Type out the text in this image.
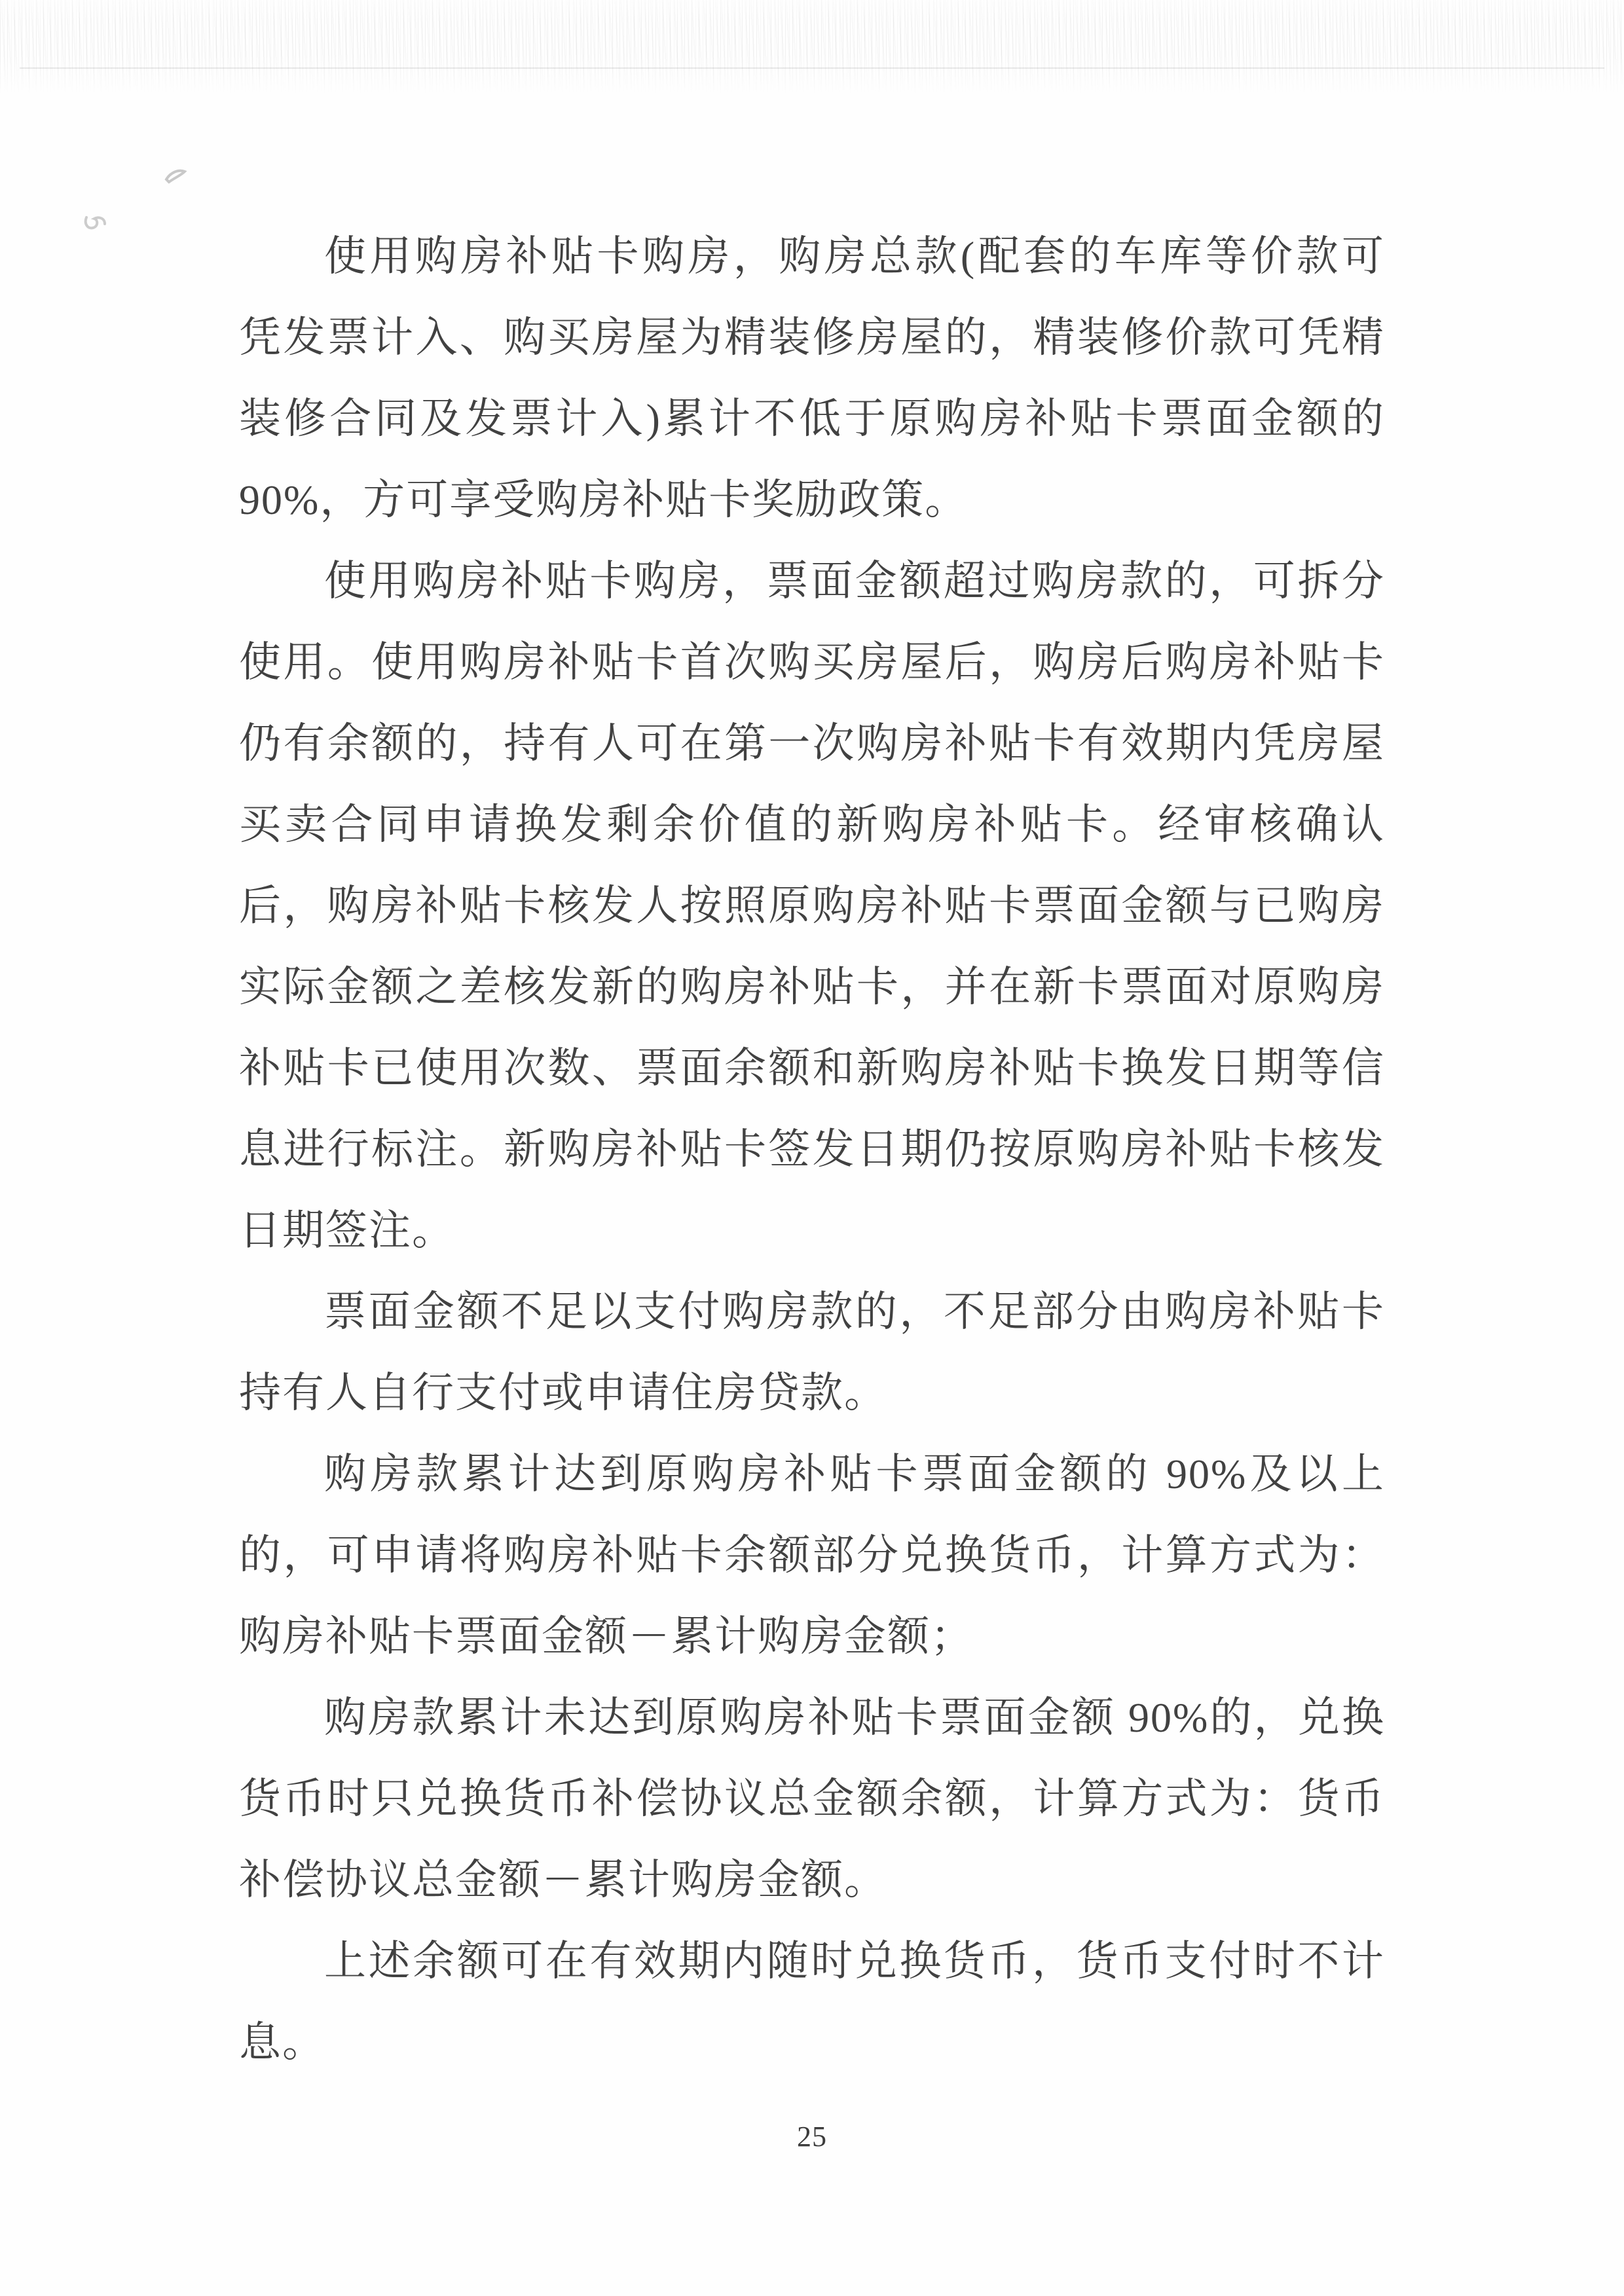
使用购房补贴卡购房，购房总款(配套的车库等价款可
凭发票计入、购买房屋为精装修房屋的，精装修价款可凭精
装修合同及发票计入)累计不低于原购房补贴卡票面金额的
90%，方可享受购房补贴卡奖励政策。
使用购房补贴卡购房，票面金额超过购房款的，可拆分
使用。使用购房补贴卡首次购买房屋后，购房后购房补贴卡
仍有余额的，持有人可在第一次购房补贴卡有效期内凭房屋
买卖合同申请换发剩余价值的新购房补贴卡。经审核确认
后，购房补贴卡核发人按照原购房补贴卡票面金额与已购房
实际金额之差核发新的购房补贴卡，并在新卡票面对原购房
补贴卡已使用次数、票面余额和新购房补贴卡换发日期等信
息进行标注。新购房补贴卡签发日期仍按原购房补贴卡核发
日期签注。
票面金额不足以支付购房款的，不足部分由购房补贴卡
持有人自行支付或申请住房贷款。
购房款累计达到原购房补贴卡票面金额的 90%及以上
的，可申请将购房补贴卡余额部分兑换货币，计算方式为：
购房补贴卡票面金额－累计购房金额；
购房款累计未达到原购房补贴卡票面金额 90%的，兑换
货币时只兑换货币补偿协议总金额余额，计算方式为：货币
补偿协议总金额－累计购房金额。
上述余额可在有效期内随时兑换货币，货币支付时不计
息。
25
